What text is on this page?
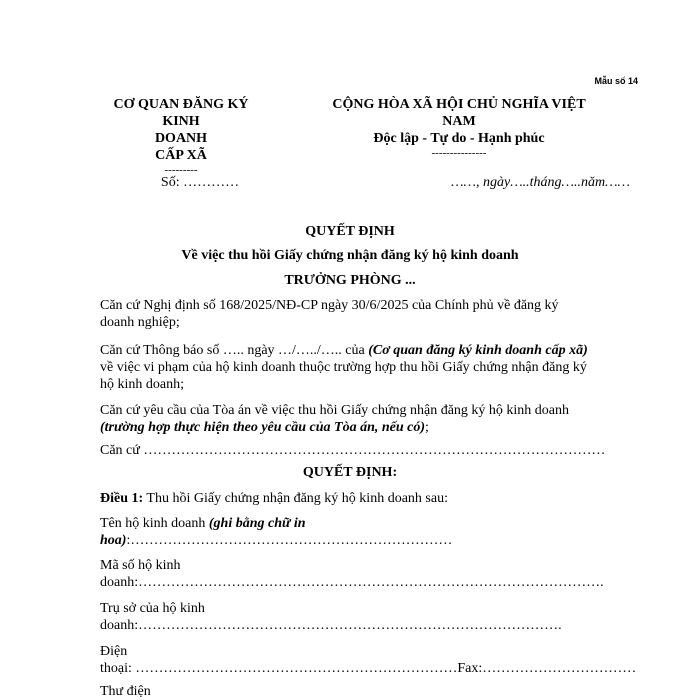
Mẫu số 14
CƠ QUAN ĐĂNG KÝ KINH
DOANH
CẤP XÃ
---------
CỘNG HÒA XÃ HỘI CHỦ NGHĨA VIỆT
NAM
Độc lập - Tự do - Hạnh phúc
---------------
Số: …………	……, ngày…..tháng…..năm……
QUYẾT ĐỊNH
Về việc thu hồi Giấy chứng nhận đăng ký hộ kinh doanh
TRƯỞNG PHÒNG ...
Căn cứ Nghị định số 168/2025/NĐ-CP ngày 30/6/2025 của Chính phủ về đăng ký
doanh nghiệp;
Căn cứ Thông báo số ….. ngày …/…../….. của (Cơ quan đăng ký kinh doanh cấp xã)
về việc vi phạm của hộ kinh doanh thuộc trường hợp thu hồi Giấy chứng nhận đăng ký
hộ kinh doanh;
Căn cứ yêu cầu của Tòa án về việc thu hồi Giấy chứng nhận đăng ký hộ kinh doanh
(trường hợp thực hiện theo yêu cầu của Tòa án, nếu có);
Căn cứ ………………………………………………………………………………………
QUYẾT ĐỊNH:
Điều 1: Thu hồi Giấy chứng nhận đăng ký hộ kinh doanh sau:
Tên hộ kinh doanh (ghi bằng chữ in
hoa):……………………………………………………………
Mã số hộ kinh
doanh:……………………………………………………………………………………….
Trụ sở của hộ kinh
doanh:……………………………………………………………………………….
Điện
thoại: ……………………………………………………………Fax:……………………………
Thư điện
